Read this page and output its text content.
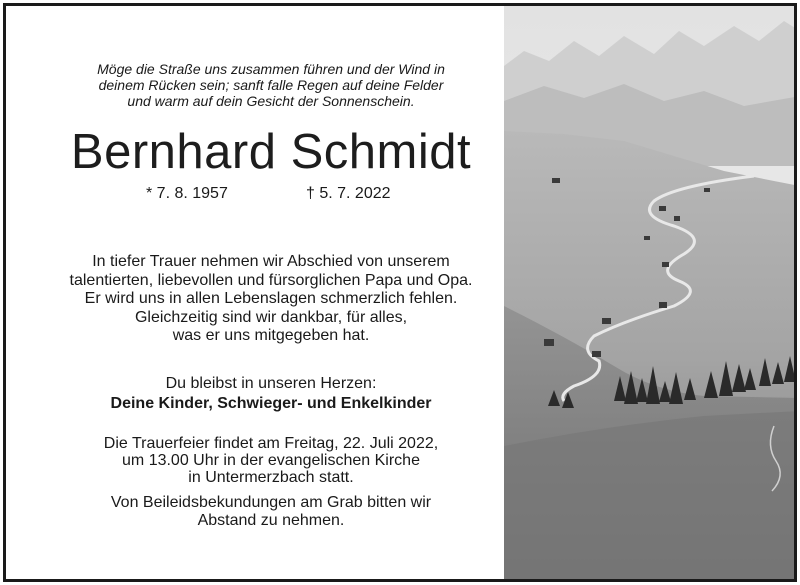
Möge die Straße uns zusammen führen und der Wind in
deinem Rücken sein; sanft falle Regen auf deine Felder
und warm auf dein Gesicht der Sonnenschein.
Bernhard Schmidt
* 7. 8. 1957	† 5. 7. 2022
In tiefer Trauer nehmen wir Abschied von unserem
talentierten, liebevollen und fürsorglichen Papa und Opa.
Er wird uns in allen Lebenslagen schmerzlich fehlen.
Gleichzeitig sind wir dankbar, für alles,
was er uns mitgegeben hat.
Du bleibst in unseren Herzen:
Deine Kinder, Schwieger- und Enkelkinder
Die Trauerfeier findet am Freitag, 22. Juli 2022,
um 13.00 Uhr in der evangelischen Kirche
in Untermerzbach statt.
Von Beileidsbekundungen am Grab bitten wir
Abstand zu nehmen.
